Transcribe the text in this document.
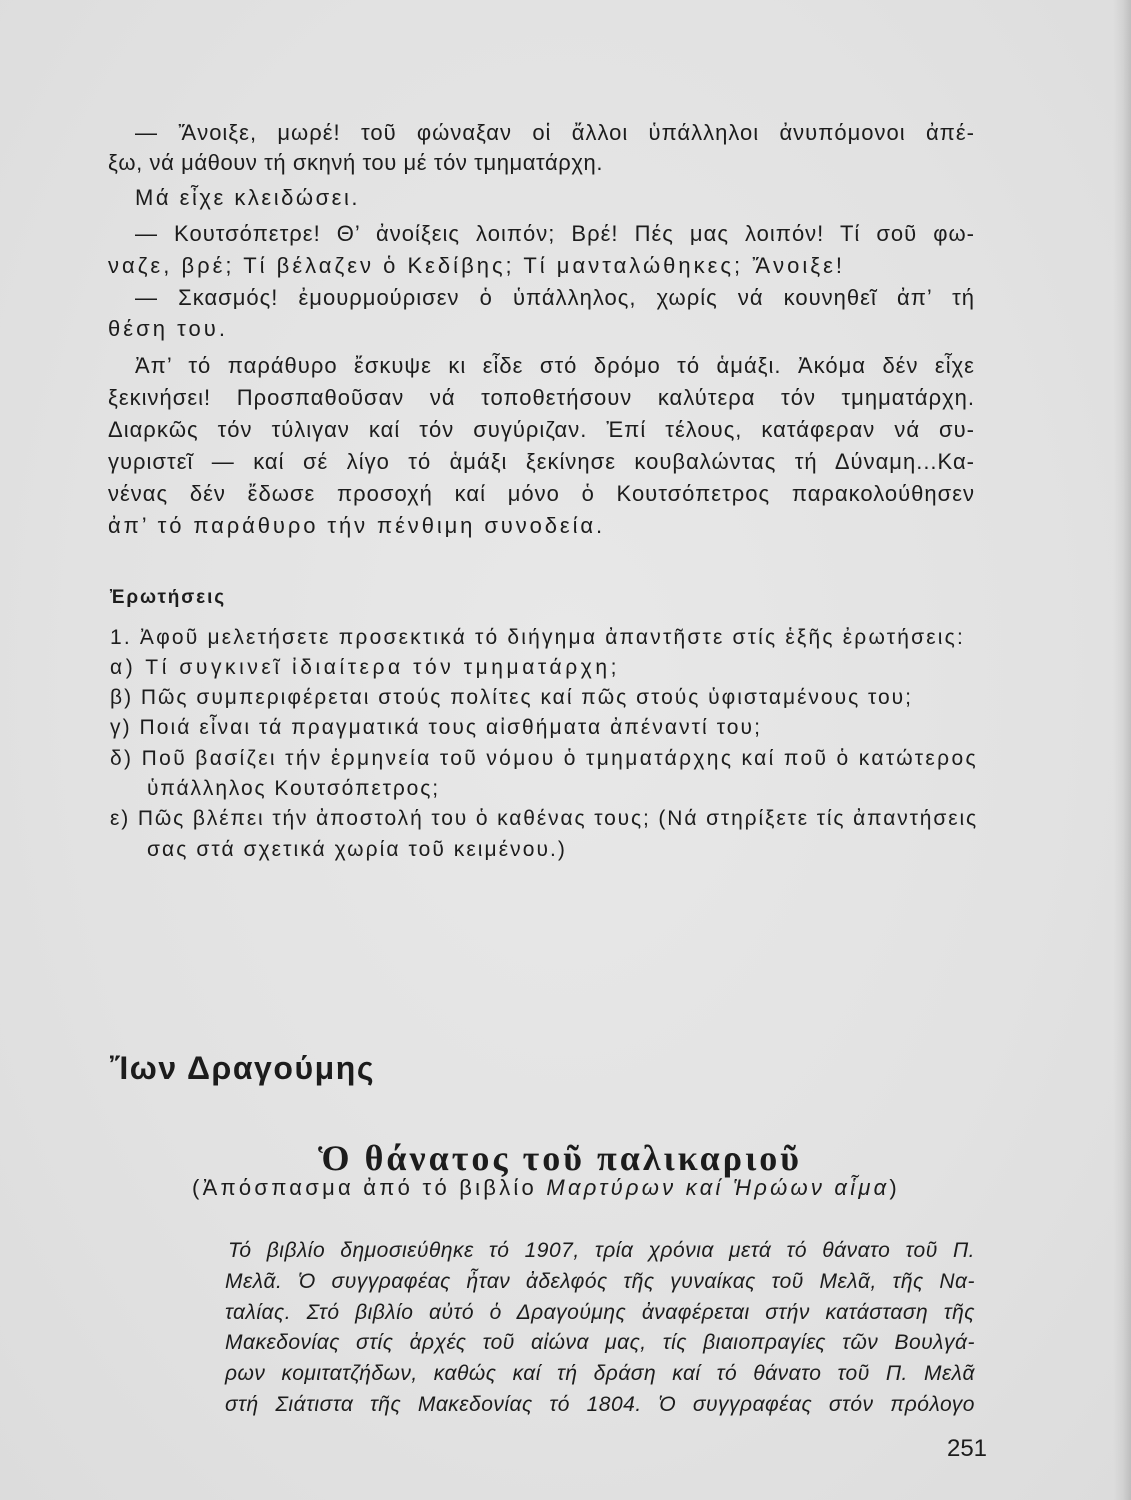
— Ἄνοιξε, μωρέ! τοῦ φώναξαν οἱ ἄλλοι ὑπάλληλοι ἀνυπόμονοι ἀπέ-
ξω, νά μάθουν τή σκηνή του μέ τόν τμηματάρχη.
Μά εἶχε κλειδώσει.
— Κουτσόπετρε! Θ’ ἀνοίξεις λοιπόν; Βρέ! Πές μας λοιπόν! Τί σοῦ φω-
ναζε, βρέ; Τί βέλαζεν ὁ Κεδίβης; Τί μανταλώθηκες; Ἄνοιξε!
— Σκασμός! ἐμουρμούρισεν ὁ ὑπάλληλος, χωρίς νά κουνηθεῖ ἀπ’ τή
θέση του.
Ἀπ’ τό παράθυρο ἔσκυψε κι εἶδε στό δρόμο τό ἁμάξι. Ἀκόμα δέν εἶχε
ξεκινήσει! Προσπαθοῦσαν νά τοποθετήσουν καλύτερα τόν τμηματάρχη.
Διαρκῶς τόν τύλιγαν καί τόν συγύριζαν. Ἐπί τέλους, κατάφεραν νά συ-
γυριστεῖ — καί σέ λίγο τό ἁμάξι ξεκίνησε κουβαλώντας τή Δύναμη...Κα-
νένας δέν ἔδωσε προσοχή καί μόνο ὁ Κουτσόπετρος παρακολούθησεν
ἀπ’ τό παράθυρο τήν πένθιμη συνοδεία.
Ἐρωτήσεις
1. Ἀφοῦ μελετήσετε προσεκτικά τό διήγημα ἀπαντῆστε στίς ἑξῆς ἐρωτήσεις:
α) Τί συγκινεῖ ἰδιαίτερα τόν τμηματάρχη;
β) Πῶς συμπεριφέρεται στούς πολίτες καί πῶς στούς ὑφισταμένους του;
γ) Ποιά εἶναι τά πραγματικά τους αἰσθήματα ἀπέναντί του;
δ) Ποῦ βασίζει τήν ἑρμηνεία τοῦ νόμου ὁ τμηματάρχης καί ποῦ ὁ κατώτερος
ὑπάλληλος Κουτσόπετρος;
ε) Πῶς βλέπει τήν ἀποστολή του ὁ καθένας τους; (Νά στηρίξετε τίς ἀπαντήσεις
σας στά σχετικά χωρία τοῦ κειμένου.)
Ἴων Δραγούμης
Ὁ θάνατος τοῦ παλικαριοῦ
(Ἀπόσπασμα ἀπό τό βιβλίο Μαρτύρων καί Ἡρώων αἷμα)
Τό βιβλίο δημοσιεύθηκε τό 1907, τρία χρόνια μετά τό θάνατο τοῦ Π.
Μελᾶ. Ὁ συγγραφέας ἦταν ἀδελφός τῆς γυναίκας τοῦ Μελᾶ, τῆς Να-
ταλίας. Στό βιβλίο αὐτό ὁ Δραγούμης ἀναφέρεται στήν κατάσταση τῆς
Μακεδονίας στίς ἀρχές τοῦ αἰώνα μας, τίς βιαιοπραγίες τῶν Βουλγά-
ρων κομιτατζήδων, καθώς καί τή δράση καί τό θάνατο τοῦ Π. Μελᾶ
στή Σιάτιστα τῆς Μακεδονίας τό 1804. Ὁ συγγραφέας στόν πρόλογο
251
